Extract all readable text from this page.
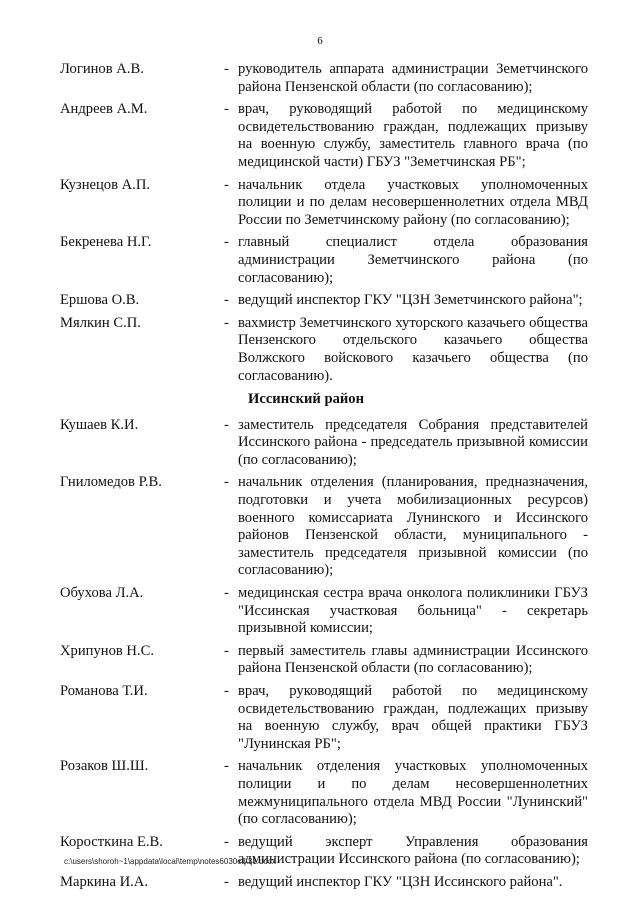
6
Логинов А.В.	- руководитель аппарата администрации Земетчинского района Пензенской области (по согласованию);
Андреев А.М.	- врач, руководящий работой по медицинскому освидетельствованию граждан, подлежащих призыву на военную службу, заместитель главного врача (по медицинской части) ГБУЗ "Земетчинская РБ";
Кузнецов А.П.	- начальник отдела участковых уполномоченных полиции и по делам несовершеннолетних отдела МВД России по Земетчинскому району (по согласованию);
Бекренева Н.Г.	- главный специалист отдела образования администрации Земетчинского района (по согласованию);
Ершова О.В.	- ведущий инспектор ГКУ "ЦЗН Земетчинского района";
Мялкин С.П.	- вахмистр Земетчинского хуторского казачьего общества Пензенского отдельского казачьего общества Волжского войскового казачьего общества (по согласованию).
Иссинский район
Кушаев К.И.	- заместитель председателя Собрания представителей Иссинского района - председатель призывной комиссии (по согласованию);
Гниломедов Р.В.	- начальник отделения (планирования, предназначения, подготовки и учета мобилизационных ресурсов) военного комиссариата Лунинского и Иссинского районов Пензенской области, муниципального - заместитель председателя призывной комиссии (по согласованию);
Обухова Л.А.	- медицинская сестра врача онколога поликлиники ГБУЗ "Иссинская участковая больница" - секретарь призывной комиссии;
Хрипунов Н.С.	- первый заместитель главы администрации Иссинского района Пензенской области (по согласованию);
Романова Т.И.	- врач, руководящий работой по медицинскому освидетельствованию граждан, подлежащих призыву на военную службу, врач общей практики ГБУЗ "Лунинская РБ";
Розаков Ш.Ш.	- начальник отделения участковых уполномоченных полиции и по делам несовершеннолетних межмуниципального отдела МВД России "Лунинский" (по согласованию);
Коросткина Е.В.	- ведущий эксперт Управления образования администрации Иссинского района (по согласованию);
Маркина И.А.	- ведущий инспектор ГКУ "ЦЗН Иссинского района".
c:\users\shoroh~1\appdata\local\temp\notes6030c8\31.docx
